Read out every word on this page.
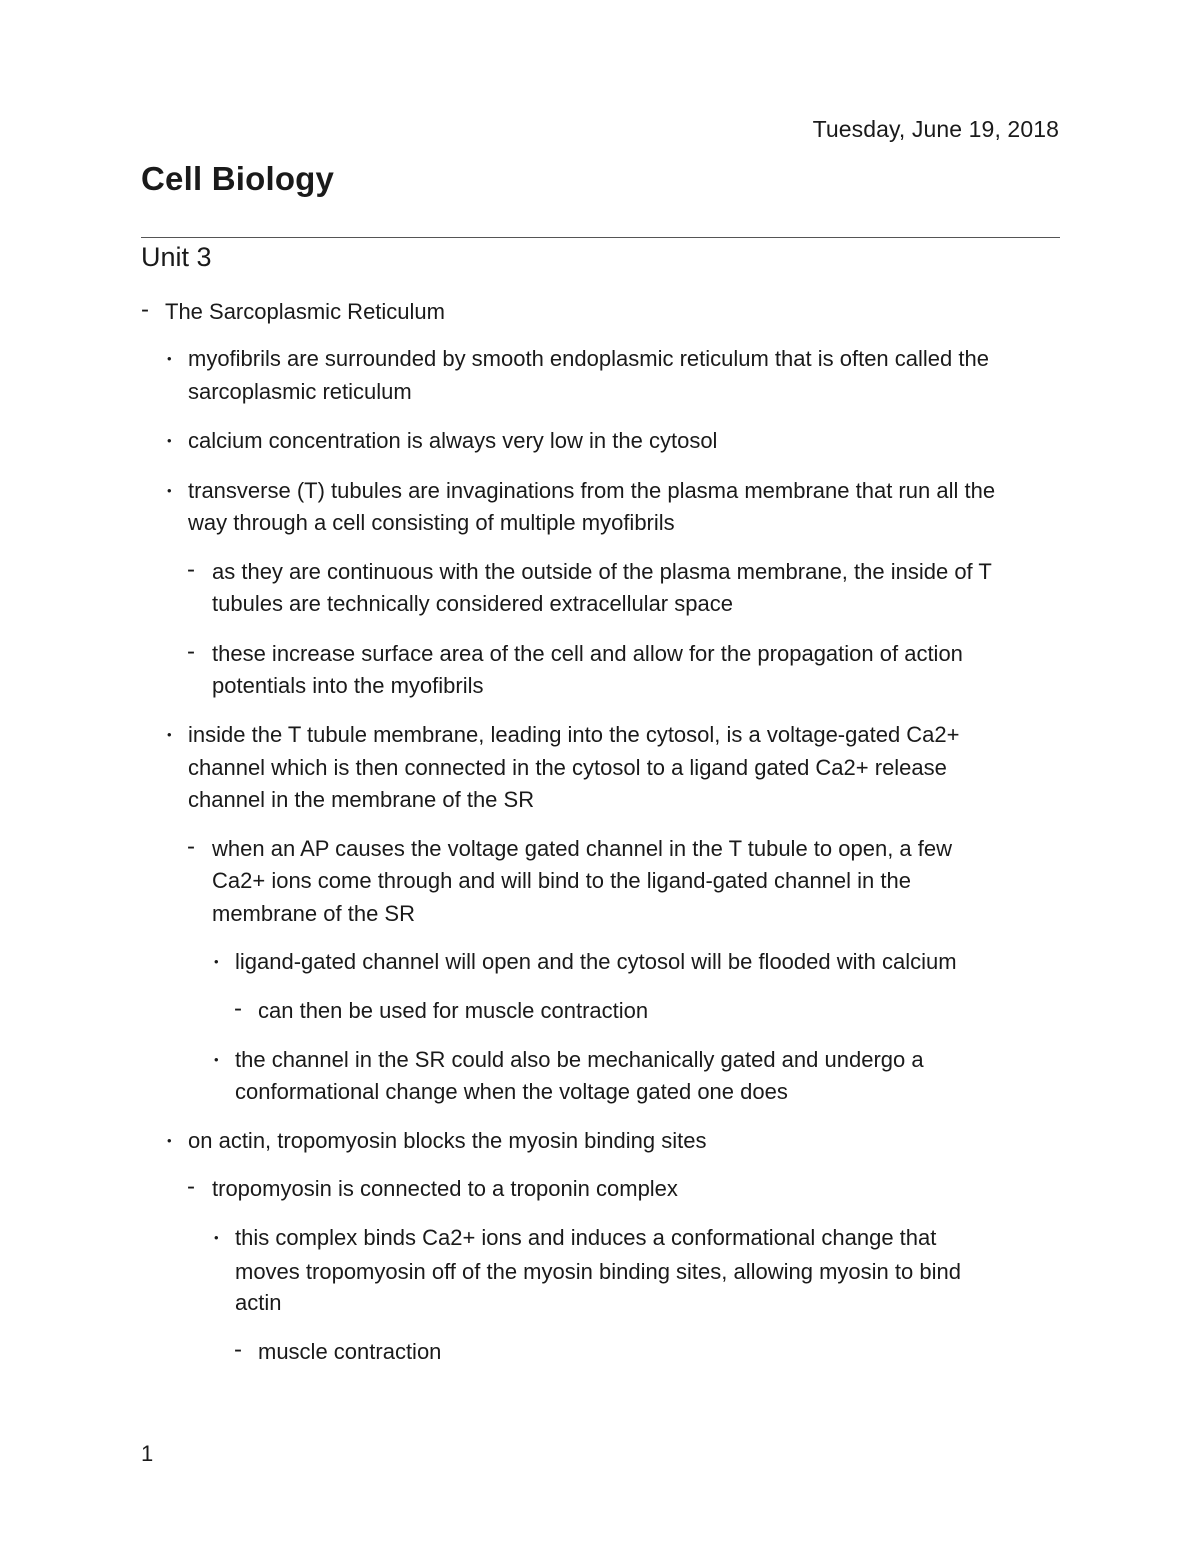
Tuesday, June 19, 2018
Cell Biology
Unit 3
- The Sarcoplasmic Reticulum
• myofibrils are surrounded by smooth endoplasmic reticulum that is often called the
sarcoplasmic reticulum
• calcium concentration is always very low in the cytosol
• transverse (T) tubules are invaginations from the plasma membrane that run all the
way through a cell consisting of multiple myofibrils
- as they are continuous with the outside of the plasma membrane, the inside of T
tubules are technically considered extracellular space
- these increase surface area of the cell and allow for the propagation of action
potentials into the myofibrils
• inside the T tubule membrane, leading into the cytosol, is a voltage-gated Ca2+
channel which is then connected in the cytosol to a ligand gated Ca2+ release
channel in the membrane of the SR
- when an AP causes the voltage gated channel in the T tubule to open, a few
Ca2+ ions come through and will bind to the ligand-gated channel in the
membrane of the SR
• ligand-gated channel will open and the cytosol will be flooded with calcium
- can then be used for muscle contraction
• the channel in the SR could also be mechanically gated and undergo a
conformational change when the voltage gated one does
• on actin, tropomyosin blocks the myosin binding sites
- tropomyosin is connected to a troponin complex
• this complex binds Ca2+ ions and induces a conformational change that
moves tropomyosin off of the myosin binding sites, allowing myosin to bind
actin
- muscle contraction
1
